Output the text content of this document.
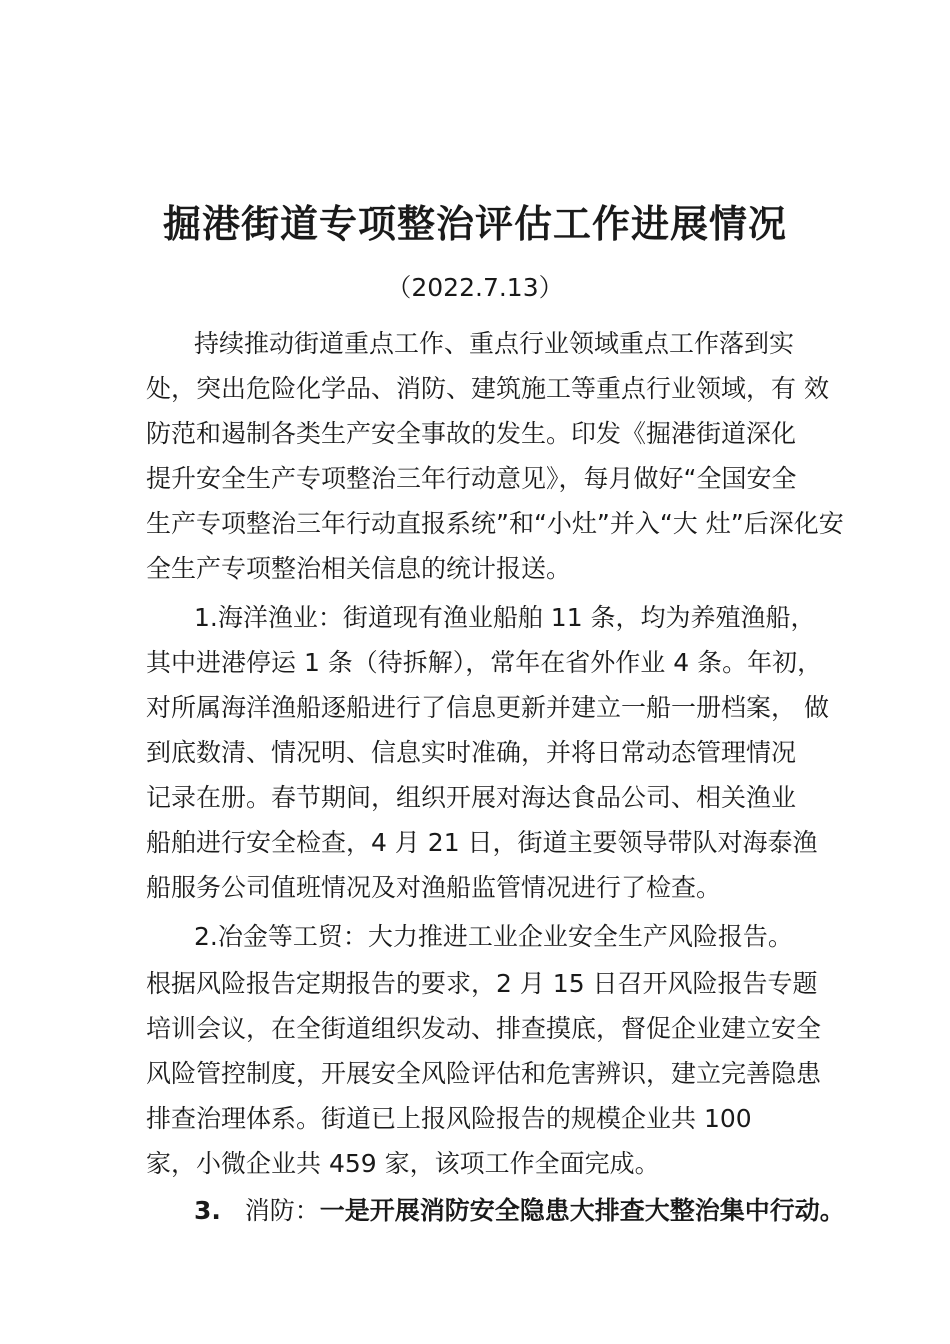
掘港街道专项整治评估工作进展情况
（2022.7.13）
持续推动街道重点工作、重点行业领域重点工作落到实
处，突出危险化学品、消防、建筑施工等重点行业领域，有 效
防范和遏制各类生产安全事故的发生。印发《掘港街道深化
提升安全生产专项整治三年行动意见》，每月做好“全国安全
生产专项整治三年行动直报系统”和“小灶”并入“大 灶”后深化安
全生产专项整治相关信息的统计报送。
1.海洋渔业：街道现有渔业船舶 11 条，均为养殖渔船，
其中进港停运 1 条（待拆解），常年在省外作业 4 条。年初，
对所属海洋渔船逐船进行了信息更新并建立一船一册档案， 做
到底数清、情况明、信息实时准确，并将日常动态管理情况
记录在册。春节期间，组织开展对海达食品公司、相关渔业
船舶进行安全检查，4 月 21 日，街道主要领导带队对海泰渔
船服务公司值班情况及对渔船监管情况进行了检查。
2.冶金等工贸：大力推进工业企业安全生产风险报告。
根据风险报告定期报告的要求，2 月 15 日召开风险报告专题
培训会议，在全街道组织发动、排查摸底，督促企业建立安全
风险管控制度，开展安全风险评估和危害辨识，建立完善隐患
排查治理体系。街道已上报风险报告的规模企业共 100
家，小微企业共 459 家，该项工作全面完成。
3. 消防：一是开展消防安全隐患大排查大整治集中行动。
